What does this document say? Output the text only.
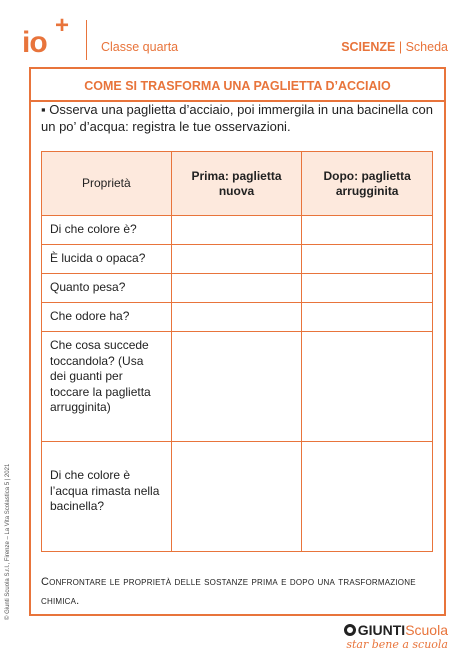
io
+
Classe quarta	SCIENZE | Scheda
COME SI TRASFORMA UNA PAGLIETTA D’ACCIAIO
▪ Osserva una paglietta d’acciaio, poi immergila in una bacinella con un po’ d’acqua: registra le tue osservazioni.
Proprietà	Prima: paglietta nuova	Dopo: paglietta arrugginita
Di che colore è?		
È lucida o opaca?		
Quanto pesa?		
Che odore ha?		
Che cosa succede toccandola? (Usa dei guanti per toccare la paglietta arrugginita)		
Di che colore è l’acqua rimasta nella bacinella?		
Confrontare le proprietà delle sostanze prima e dopo una trasformazione chimica.
© Giunti Scuola S.r.l., Firenze – La Vita Scolastica 5 | 2021
GIUNTIScuola
star bene a scuola
